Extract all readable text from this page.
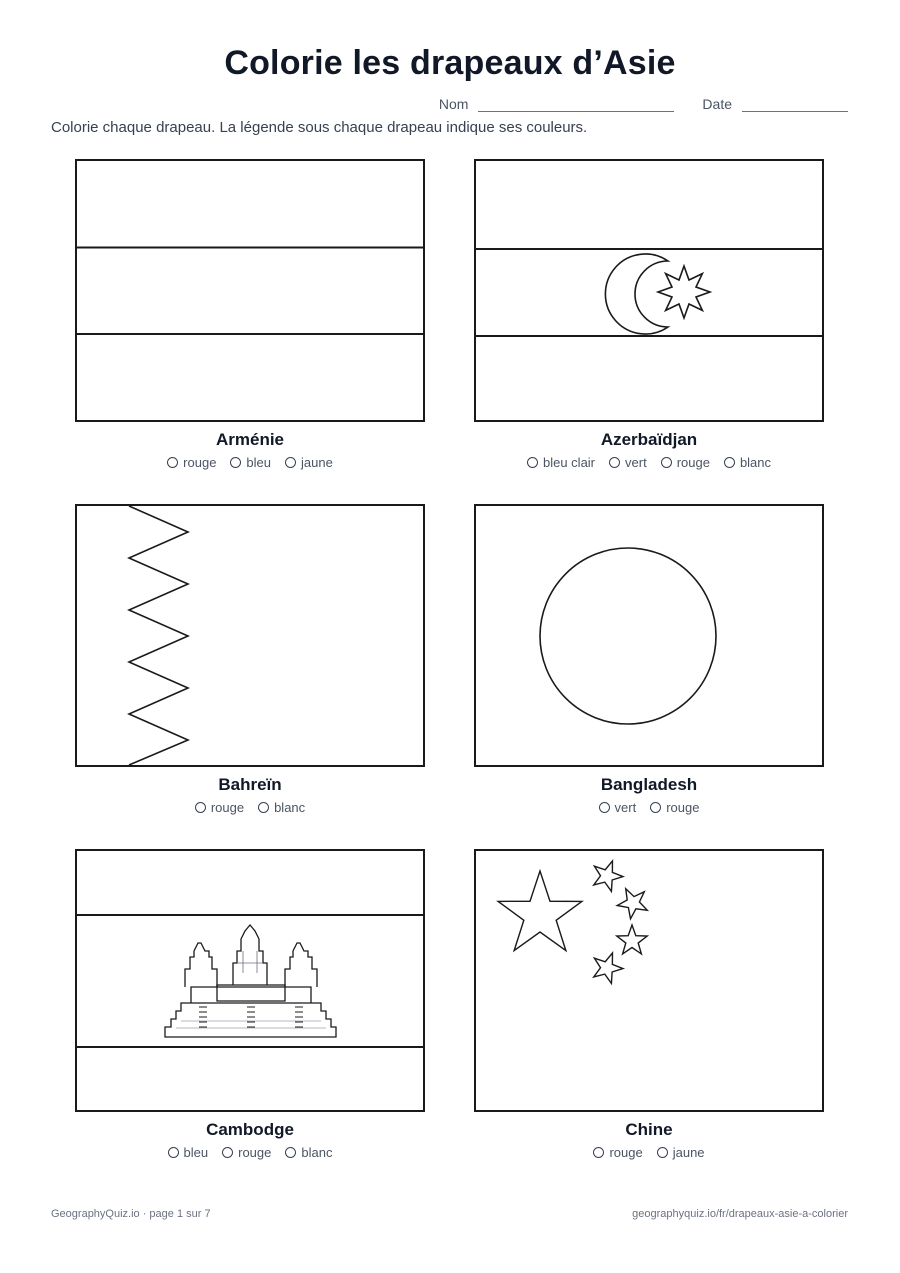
Colorie les drapeaux d’Asie
Nom	Date
Colorie chaque drapeau. La légende sous chaque drapeau indique ses couleurs.
Arménie
rouge bleu jaune
Azerbaïdjan
bleu clair vert rouge blanc
Bahreïn
rouge blanc
Bangladesh
vert rouge
Cambodge
bleu rouge blanc
Chine
rouge jaune
GeographyQuiz.io · page 1 sur 7	geographyquiz.io/fr/drapeaux-asie-a-colorier
